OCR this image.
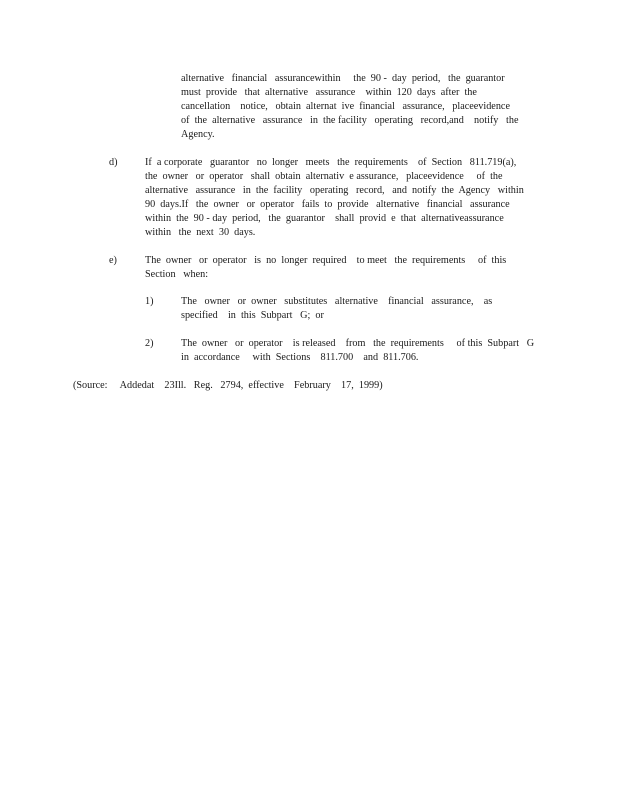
alternative   financial   assurancewithin     the  90 -  day  period,   the  guarantor
must  provide   that  alternative   assurance    within  120  days  after  the
cancellation    notice,   obtain  alternat  ive  financial   assurance,   placeevidence
of  the  alternative   assurance   in  the facility   operating   record,and    notify   the
Agency.
d)	If  a corporate   guarantor   no  longer   meets   the  requirements    of  Section   811.719(a),
the  owner   or  operator   shall  obtain  alternativ  e assurance,   placeevidence     of  the
alternative   assurance   in  the  facility   operating   record,   and  notify  the  Agency   within
90  days.If   the  owner   or  operator   fails  to  provide   alternative   financial   assurance
within  the  90 - day  period,   the  guarantor    shall  provid  e  that  alternativeassurance
within   the  next  30  days.
e)	The  owner   or  operator   is  no  longer  required    to meet   the  requirements     of  this
Section   when:
1)	The   owner   or  owner   substitutes   alternative    financial   assurance,    as
specified    in  this  Subpart   G;  or
2)	The  owner   or  operator    is released    from   the  requirements     of this  Subpart   G
in  accordance     with  Sections    811.700    and  811.706.
(Source:     Addedat    23Ill.   Reg.   2794,  effective    February    17,  1999)
